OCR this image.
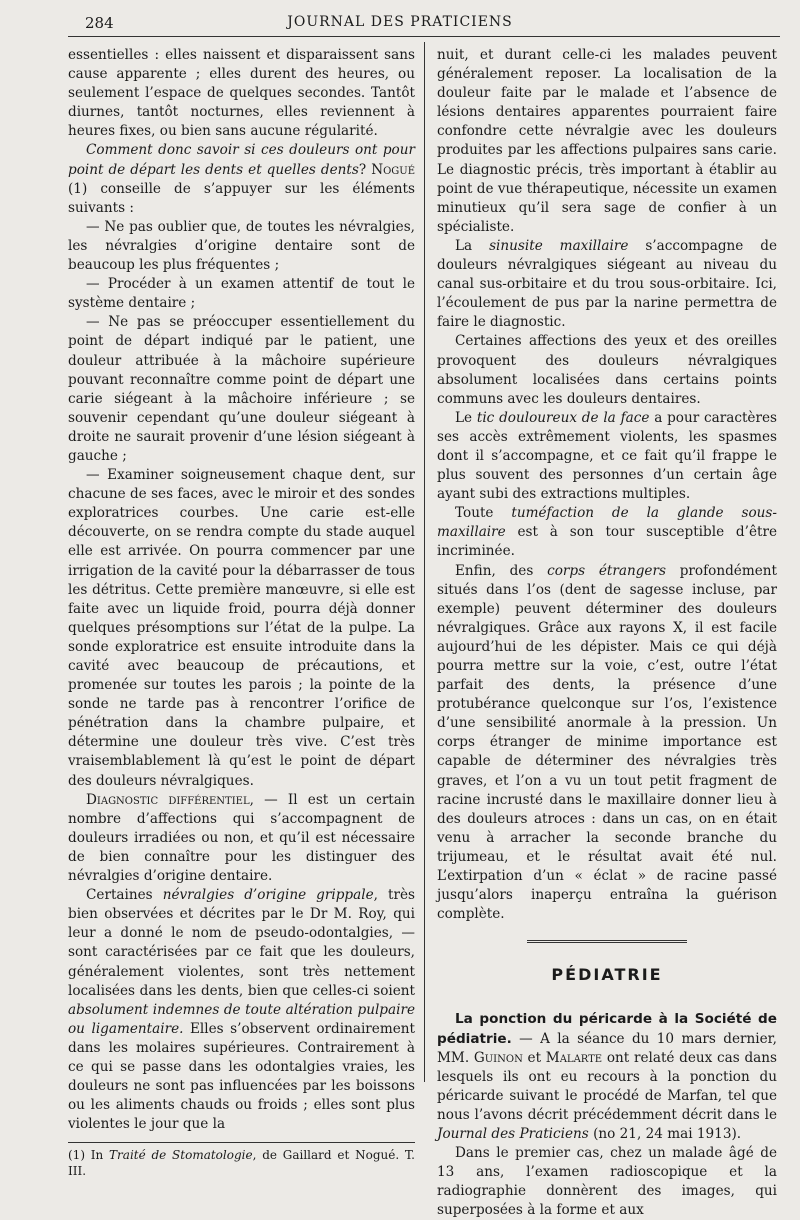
284	JOURNAL DES PRATICIENS

essentielles : elles naissent et disparaissent sans cause apparente ; elles durent des heures, ou seulement l’espace de quelques secondes. Tantôt diurnes, tantôt nocturnes, elles reviennent à heures fixes, ou bien sans aucune régularité.

Comment donc savoir si ces douleurs ont pour point de départ les dents et quelles dents? Nogué (1) conseille de s’appuyer sur les éléments suivants :

— Ne pas oublier que, de toutes les névralgies, les névralgies d’origine dentaire sont de beaucoup les plus fréquentes ;

— Procéder à un examen attentif de tout le système dentaire ;

— Ne pas se préoccuper essentiellement du point de départ indiqué par le patient, une douleur attribuée à la mâchoire supérieure pouvant reconnaître comme point de départ une carie siégeant à la mâchoire inférieure ; se souvenir cependant qu’une douleur siégeant à droite ne saurait provenir d’une lésion siégeant à gauche ;

— Examiner soigneusement chaque dent, sur chacune de ses faces, avec le miroir et des sondes exploratrices courbes. Une carie est-elle découverte, on se rendra compte du stade auquel elle est arrivée. On pourra commencer par une irrigation de la cavité pour la débarrasser de tous les détritus. Cette première manœuvre, si elle est faite avec un liquide froid, pourra déjà donner quelques présomptions sur l’état de la pulpe. La sonde exploratrice est ensuite introduite dans la cavité avec beaucoup de précautions, et promenée sur toutes les parois ; la pointe de la sonde ne tarde pas à rencontrer l’orifice de pénétration dans la chambre pulpaire, et détermine une douleur très vive. C’est très vraisemblablement là qu’est le point de départ des douleurs névralgiques.

Diagnostic différentiel, — Il est un certain nombre d’affections qui s’accompagnent de douleurs irradiées ou non, et qu’il est nécessaire de bien connaître pour les distinguer des névralgies d’origine dentaire.

Certaines névralgies d’origine grippale, très bien observées et décrites par le Dr M. Roy, qui leur a donné le nom de pseudo-odontalgies, — sont caractérisées par ce fait que les douleurs, généralement violentes, sont très nettement localisées dans les dents, bien que celles-ci soient absolument indemnes de toute altération pulpaire ou ligamentaire. Elles s’observent ordinairement dans les molaires supérieures. Contrairement à ce qui se passe dans les odontalgies vraies, les douleurs ne sont pas influencées par les boissons ou les aliments chauds ou froids ; elles sont plus violentes le jour que la

(1) In Traité de Stomatologie, de Gaillard et Nogué. T. III.

nuit, et durant celle-ci les malades peuvent généralement reposer. La localisation de la douleur faite par le malade et l’absence de lésions dentaires apparentes pourraient faire confondre cette névralgie avec les douleurs produites par les affections pulpaires sans carie. Le diagnostic précis, très important à établir au point de vue thérapeutique, nécessite un examen minutieux qu’il sera sage de confier à un spécialiste.

La sinusite maxillaire s’accompagne de douleurs névralgiques siégeant au niveau du canal sus-orbitaire et du trou sous-orbitaire. Ici, l’écoulement de pus par la narine permettra de faire le diagnostic.

Certaines affections des yeux et des oreilles provoquent des douleurs névralgiques absolument localisées dans certains points communs avec les douleurs dentaires.

Le tic douloureux de la face a pour caractères ses accès extrêmement violents, les spasmes dont il s’accompagne, et ce fait qu’il frappe le plus souvent des personnes d’un certain âge ayant subi des extractions multiples.

Toute tuméfaction de la glande sous-maxillaire est à son tour susceptible d’être incriminée.

Enfin, des corps étrangers profondément situés dans l’os (dent de sagesse incluse, par exemple) peuvent déterminer des douleurs névralgiques. Grâce aux rayons X, il est facile aujourd’hui de les dépister. Mais ce qui déjà pourra mettre sur la voie, c’est, outre l’état parfait des dents, la présence d’une protubérance quelconque sur l’os, l’existence d’une sensibilité anormale à la pression. Un corps étranger de minime importance est capable de déterminer des névralgies très graves, et l’on a vu un tout petit fragment de racine incrusté dans le maxillaire donner lieu à des douleurs atroces : dans un cas, on en était venu à arracher la seconde branche du trijumeau, et le résultat avait été nul. L’extirpation d’un « éclat » de racine passé jusqu’alors inaperçu entraîna la guérison complète.

PÉDIATRIE

La ponction du péricarde à la Société de pédiatrie. — A la séance du 10 mars dernier, MM. Guinon et Malarte ont relaté deux cas dans lesquels ils ont eu recours à la ponction du péricarde suivant le procédé de Marfan, tel que nous l’avons décrit précédemment décrit dans le Journal des Praticiens (no 21, 24 mai 1913).

Dans le premier cas, chez un malade âgé de 13 ans, l’examen radioscopique et la radiographie donnèrent des images, qui superposées à la forme et aux
